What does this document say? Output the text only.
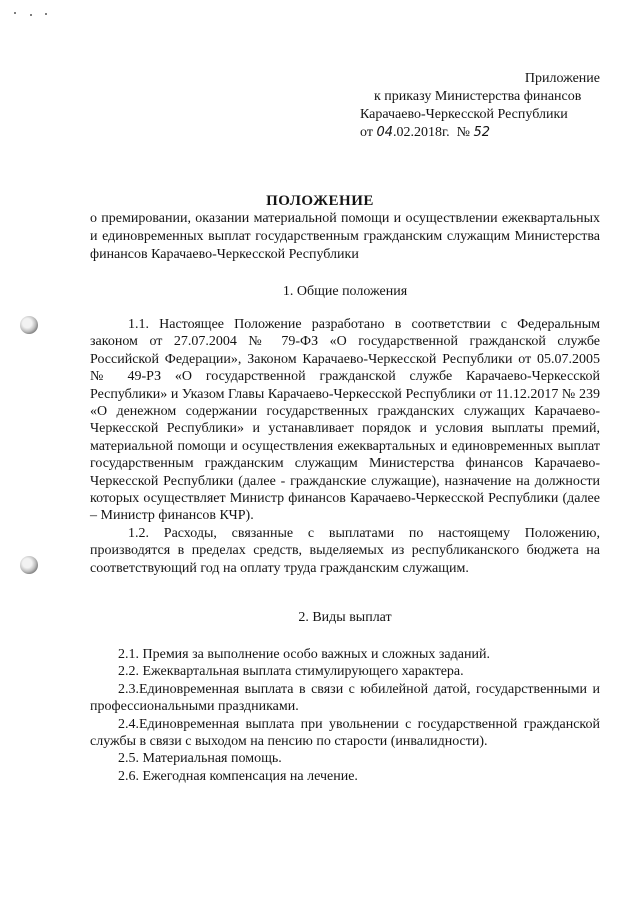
Приложение
к приказу Министерства финансов
Карачаево-Черкесской Республики
от 04.02.2018г. № 52
ПОЛОЖЕНИЕ
о премировании, оказании материальной помощи и осуществлении ежеквартальных и единовременных выплат государственным гражданским служащим Министерства финансов Карачаево-Черкесской Республики
1. Общие положения

1.1. Настоящее Положение разработано в соответствии с Федеральным законом от 27.07.2004 № 79-ФЗ «О государственной гражданской службе Российской Федерации», Законом Карачаево-Черкесской Республики от 05.07.2005 № 49-РЗ «О государственной гражданской службе Карачаево-Черкесской Республики» и Указом Главы Карачаево-Черкесской Республики от 11.12.2017 № 239 «О денежном содержании государственных гражданских служащих Карачаево-Черкесской Республики» и устанавливает порядок и условия выплаты премий, материальной помощи и осуществления ежеквартальных и единовременных выплат государственным гражданским служащим Министерства финансов Карачаево-Черкесской Республики (далее - гражданские служащие), назначение на должности которых осуществляет Министр финансов Карачаево-Черкесской Республики (далее – Министр финансов КЧР).

1.2. Расходы, связанные с выплатами по настоящему Положению, производятся в пределах средств, выделяемых из республиканского бюджета на соответствующий год на оплату труда гражданским служащим.

2. Виды выплат

2.1. Премия за выполнение особо важных и сложных заданий.

2.2. Ежеквартальная выплата стимулирующего характера.

2.3.Единовременная выплата в связи с юбилейной датой, государственными и профессиональными праздниками.

2.4.Единовременная выплата при увольнении с государственной гражданской службы в связи с выходом на пенсию по старости (инвалидности).

2.5. Материальная помощь.

2.6. Ежегодная компенсация на лечение.
